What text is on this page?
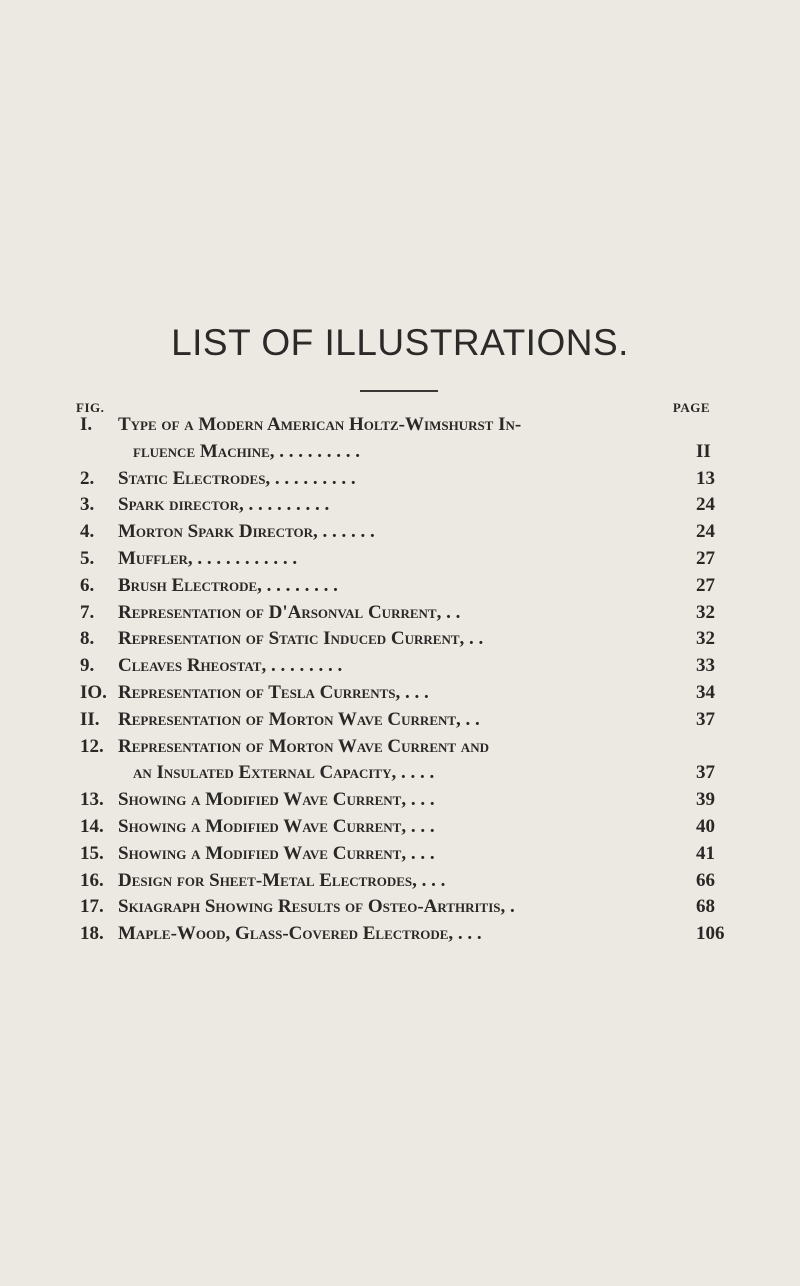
LIST OF ILLUSTRATIONS.
FIG.	PAGE
I.	Type of a Modern American Holtz-Wimshurst In-
fluence Machine, . . . . . . . . .	II
2.	Static Electrodes, . . . . . . . . .	13
3.	Spark director, . . . . . . . . .	24
4.	Morton Spark Director, . . . . . .	24
5.	Muffler, . . . . . . . . . . .	27
6.	Brush Electrode, . . . . . . . .	27
7.	Representation of D'Arsonval Current, . .	32
8.	Representation of Static Induced Current, . .	32
9.	Cleaves Rheostat, . . . . . . . .	33
IO. Representation of Tesla Currents, . . .	34
II. Representation of Morton Wave Current, . .	37
12. Representation of Morton Wave Current and
an Insulated External Capacity, . . . .	37
13. Showing a Modified Wave Current, . . .	39
14. Showing a Modified Wave Current, . . .	40
15. Showing a Modified Wave Current, . . .	41
16. Design for Sheet-Metal Electrodes, . . .	66
17. Skiagraph Showing Results of Osteo-Arthritis, .	68
18. Maple-Wood, Glass-Covered Electrode, . . .	106
